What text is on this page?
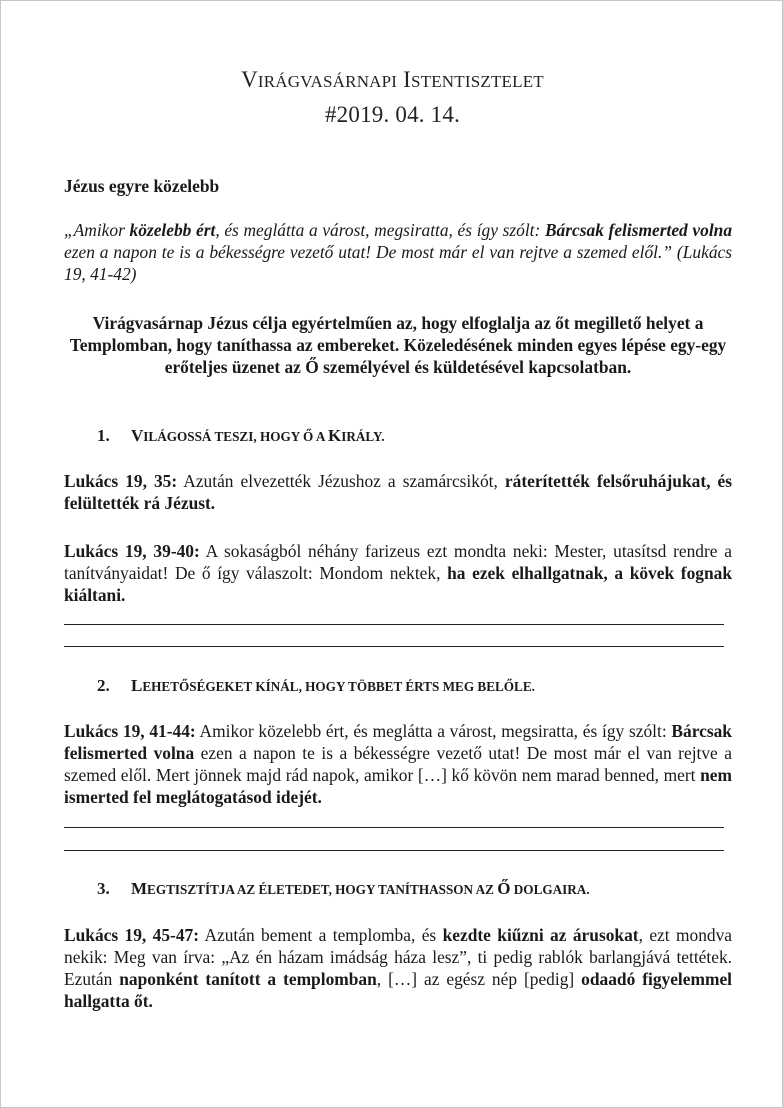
VIRÁGVASÁRNAPI ISTENTISZTELET
#2019. 04. 14.
Jézus egyre közelebb
„Amikor közelebb ért, és meglátta a várost, megsiratta, és így szólt: Bárcsak felismerted volna ezen a napon te is a békességre vezető utat! De most már el van rejtve a szemed elől.” (Lukács 19, 41-42)
Virágvasárnap Jézus célja egyértelműen az, hogy elfoglalja az őt megillető helyet a Templomban, hogy taníthassa az embereket. Közeledésének minden egyes lépése egy-egy erőteljes üzenet az Ő személyével és küldetésével kapcsolatban.
1.	VILÁGOSSÁ TESZI, HOGY Ő A KIRÁLY.
Lukács 19, 35: Azután elvezették Jézushoz a szamárcsikót, ráterítették felsőruhájukat, és felültették rá Jézust.
Lukács 19, 39-40: A sokaságból néhány farizeus ezt mondta neki: Mester, utasítsd rendre a tanítványaidat! De ő így válaszolt: Mondom nektek, ha ezek elhallgatnak, a kövek fognak kiáltani.
2.	LEHETŐSÉGEKET KÍNÁL, HOGY TÖBBET ÉRTS MEG BELŐLE.
Lukács 19, 41-44: Amikor közelebb ért, és meglátta a várost, megsiratta, és így szólt: Bárcsak felismerted volna ezen a napon te is a békességre vezető utat! De most már el van rejtve a szemed elől. Mert jönnek majd rád napok, amikor […] kő kövön nem marad benned, mert nem ismerted fel meglátogatásod idejét.
3.	MEGTISZTÍTJA AZ ÉLETEDET, HOGY TANÍTHASSON AZ Ő DOLGAIRA.
Lukács 19, 45-47: Azután bement a templomba, és kezdte kiűzni az árusokat, ezt mondva nekik: Meg van írva: „Az én házam imádság háza lesz”, ti pedig rablók barlangjává tettétek. Ezután naponként tanított a templomban, […] az egész nép [pedig] odaadó figyelemmel hallgatta őt.
